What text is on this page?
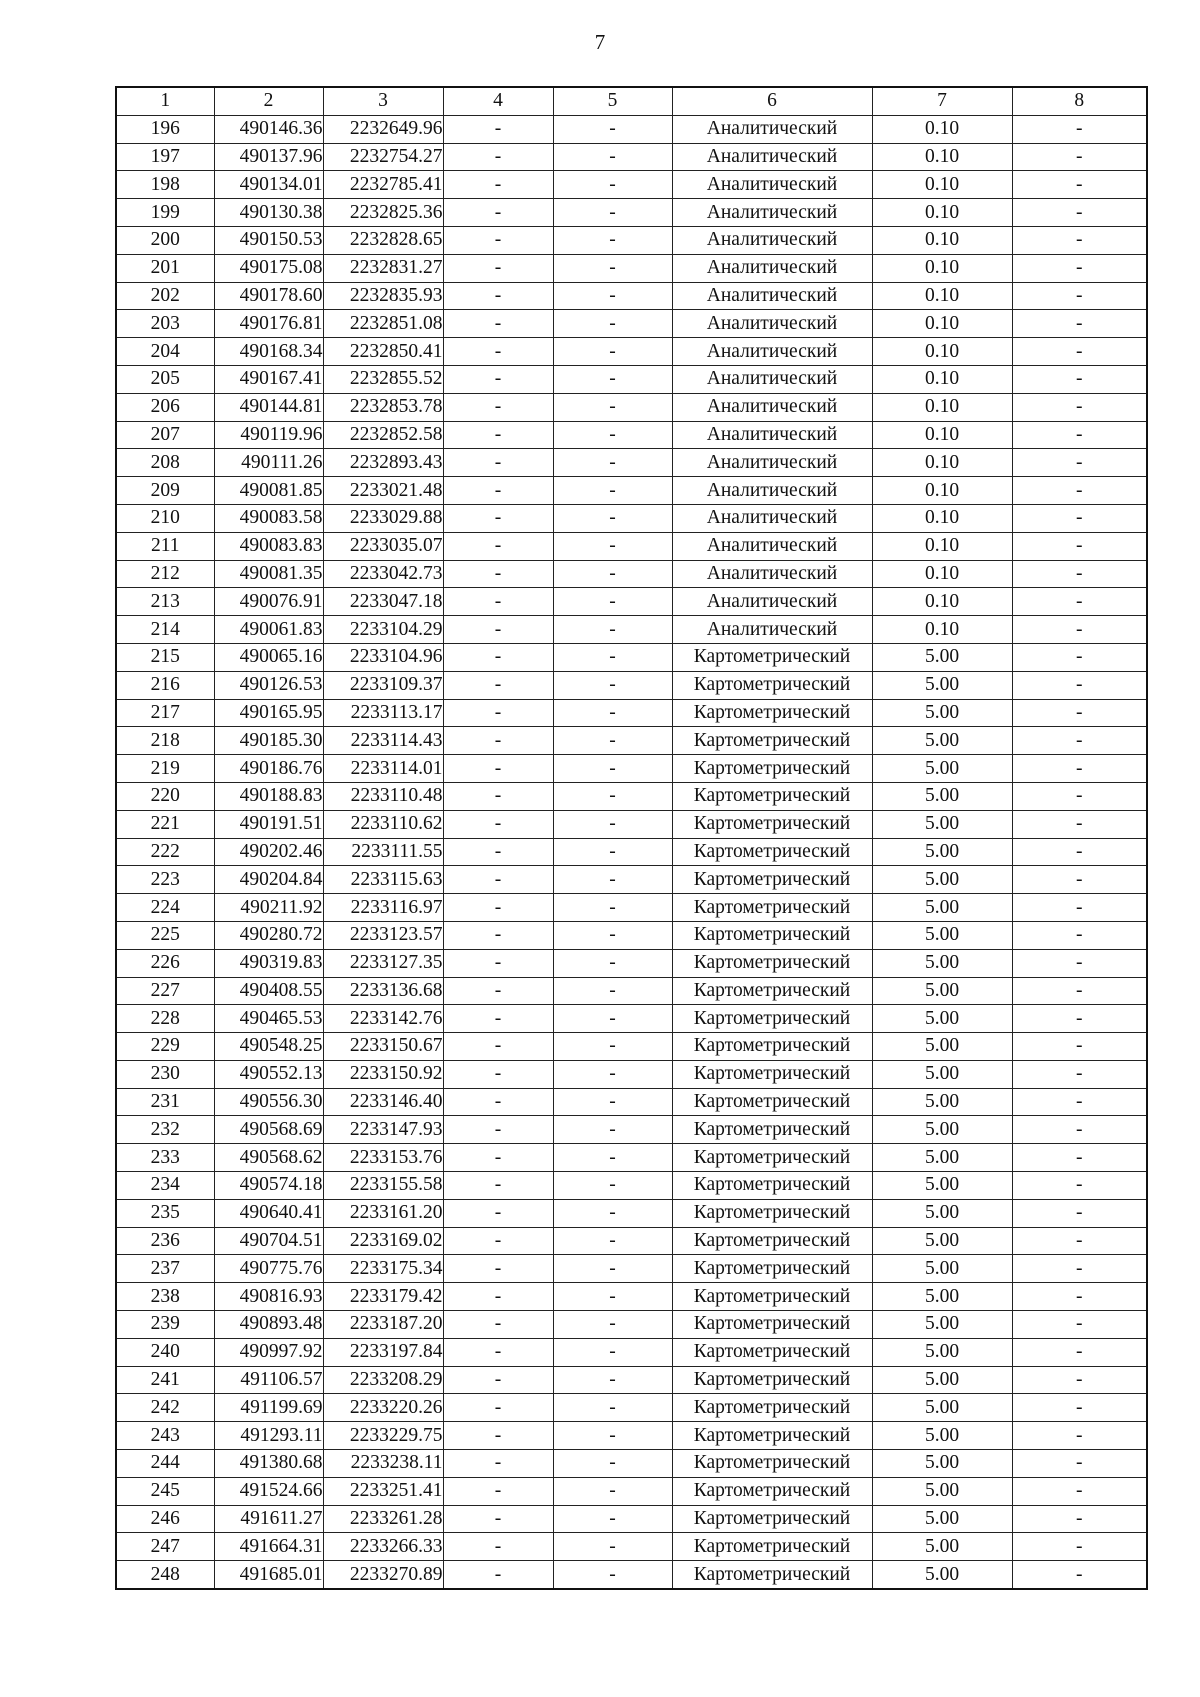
7
1	2	3	4	5	6	7	8
196	490146.36	2232649.96	-	-	Аналитический	0.10	-
197	490137.96	2232754.27	-	-	Аналитический	0.10	-
198	490134.01	2232785.41	-	-	Аналитический	0.10	-
199	490130.38	2232825.36	-	-	Аналитический	0.10	-
200	490150.53	2232828.65	-	-	Аналитический	0.10	-
201	490175.08	2232831.27	-	-	Аналитический	0.10	-
202	490178.60	2232835.93	-	-	Аналитический	0.10	-
203	490176.81	2232851.08	-	-	Аналитический	0.10	-
204	490168.34	2232850.41	-	-	Аналитический	0.10	-
205	490167.41	2232855.52	-	-	Аналитический	0.10	-
206	490144.81	2232853.78	-	-	Аналитический	0.10	-
207	490119.96	2232852.58	-	-	Аналитический	0.10	-
208	490111.26	2232893.43	-	-	Аналитический	0.10	-
209	490081.85	2233021.48	-	-	Аналитический	0.10	-
210	490083.58	2233029.88	-	-	Аналитический	0.10	-
211	490083.83	2233035.07	-	-	Аналитический	0.10	-
212	490081.35	2233042.73	-	-	Аналитический	0.10	-
213	490076.91	2233047.18	-	-	Аналитический	0.10	-
214	490061.83	2233104.29	-	-	Аналитический	0.10	-
215	490065.16	2233104.96	-	-	Картометрический	5.00	-
216	490126.53	2233109.37	-	-	Картометрический	5.00	-
217	490165.95	2233113.17	-	-	Картометрический	5.00	-
218	490185.30	2233114.43	-	-	Картометрический	5.00	-
219	490186.76	2233114.01	-	-	Картометрический	5.00	-
220	490188.83	2233110.48	-	-	Картометрический	5.00	-
221	490191.51	2233110.62	-	-	Картометрический	5.00	-
222	490202.46	2233111.55	-	-	Картометрический	5.00	-
223	490204.84	2233115.63	-	-	Картометрический	5.00	-
224	490211.92	2233116.97	-	-	Картометрический	5.00	-
225	490280.72	2233123.57	-	-	Картометрический	5.00	-
226	490319.83	2233127.35	-	-	Картометрический	5.00	-
227	490408.55	2233136.68	-	-	Картометрический	5.00	-
228	490465.53	2233142.76	-	-	Картометрический	5.00	-
229	490548.25	2233150.67	-	-	Картометрический	5.00	-
230	490552.13	2233150.92	-	-	Картометрический	5.00	-
231	490556.30	2233146.40	-	-	Картометрический	5.00	-
232	490568.69	2233147.93	-	-	Картометрический	5.00	-
233	490568.62	2233153.76	-	-	Картометрический	5.00	-
234	490574.18	2233155.58	-	-	Картометрический	5.00	-
235	490640.41	2233161.20	-	-	Картометрический	5.00	-
236	490704.51	2233169.02	-	-	Картометрический	5.00	-
237	490775.76	2233175.34	-	-	Картометрический	5.00	-
238	490816.93	2233179.42	-	-	Картометрический	5.00	-
239	490893.48	2233187.20	-	-	Картометрический	5.00	-
240	490997.92	2233197.84	-	-	Картометрический	5.00	-
241	491106.57	2233208.29	-	-	Картометрический	5.00	-
242	491199.69	2233220.26	-	-	Картометрический	5.00	-
243	491293.11	2233229.75	-	-	Картометрический	5.00	-
244	491380.68	2233238.11	-	-	Картометрический	5.00	-
245	491524.66	2233251.41	-	-	Картометрический	5.00	-
246	491611.27	2233261.28	-	-	Картометрический	5.00	-
247	491664.31	2233266.33	-	-	Картометрический	5.00	-
248	491685.01	2233270.89	-	-	Картометрический	5.00	-
